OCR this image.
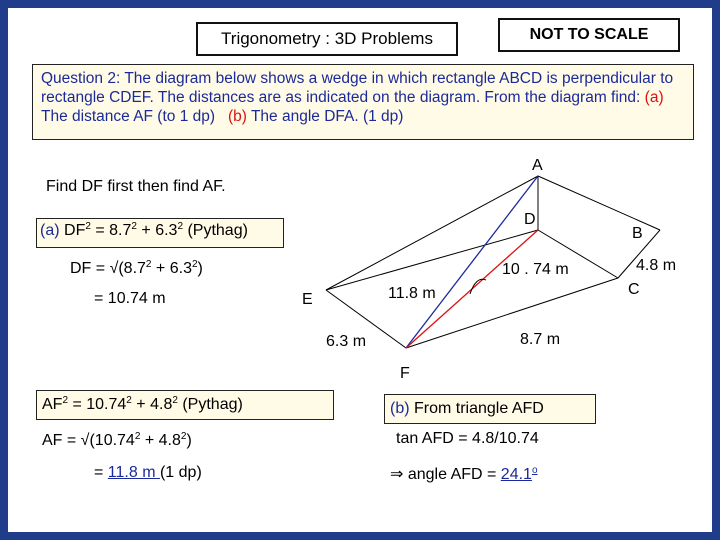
Trigonometry : 3D Problems	NOT TO SCALE
Question 2: The diagram below shows a wedge in which rectangle ABCD is perpendicular to rectangle CDEF. The distances are as indicated on the diagram. From the diagram find: (a) The distance AF (to 1 dp) (b) The angle DFA. (1 dp)
A
B
C
D
E
F
10 . 74 m
11.8 m
4.8 m
6.3 m	8.7 m
Find DF first then find AF.
(a) $DF^2 = 8.7^2 + 6.3^2$ (Pythag)
DF = $√(8.7^2 + 6.3^2)$
= 10.74 m
$AF^2 = 10.74^2 + 4.8^2$ (Pythag)
AF = $√(10.74^2 + 4.8^2)$
= 11.8 m (1 dp)
(b) From triangle AFD
tan AFD = 4.8/10.74
⇒ angle AFD = $24.1^o$
